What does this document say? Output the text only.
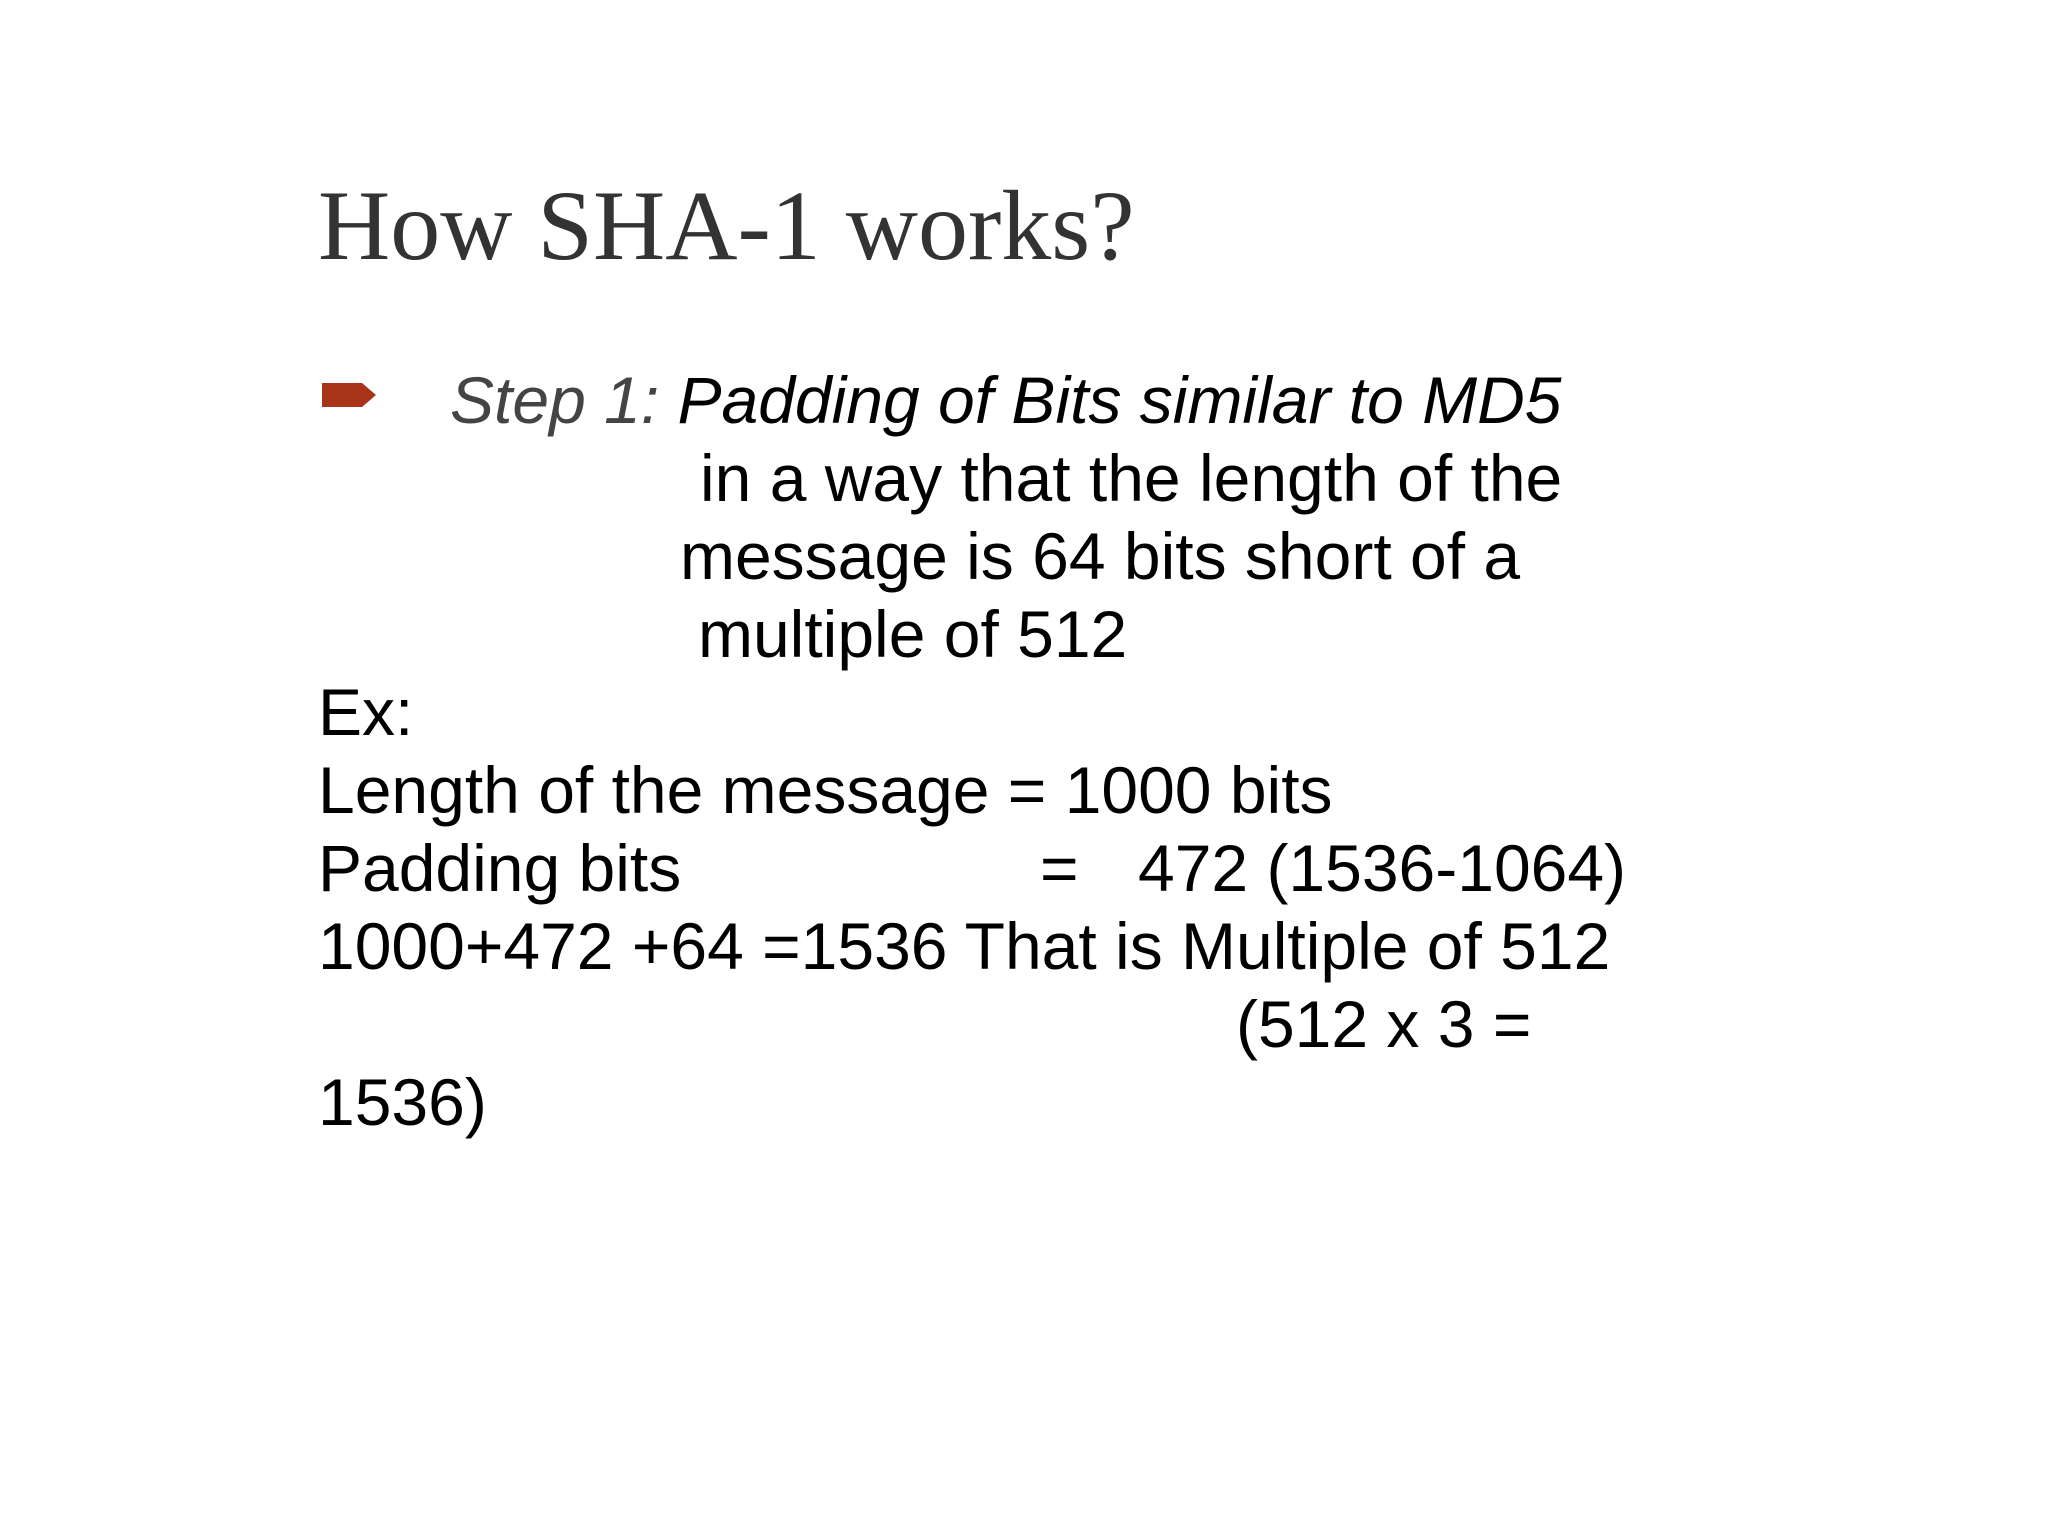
How SHA-1 works?
Step 1: Padding of Bits similar to MD5
in a way that the length of the
message is 64 bits short of a
multiple of 512
Ex:
Length of the message = 1000 bits
Padding bits	= 472 (1536-1064)
1000+472 +64 =1536 That is Multiple of 512
(512 x 3 =
1536)
